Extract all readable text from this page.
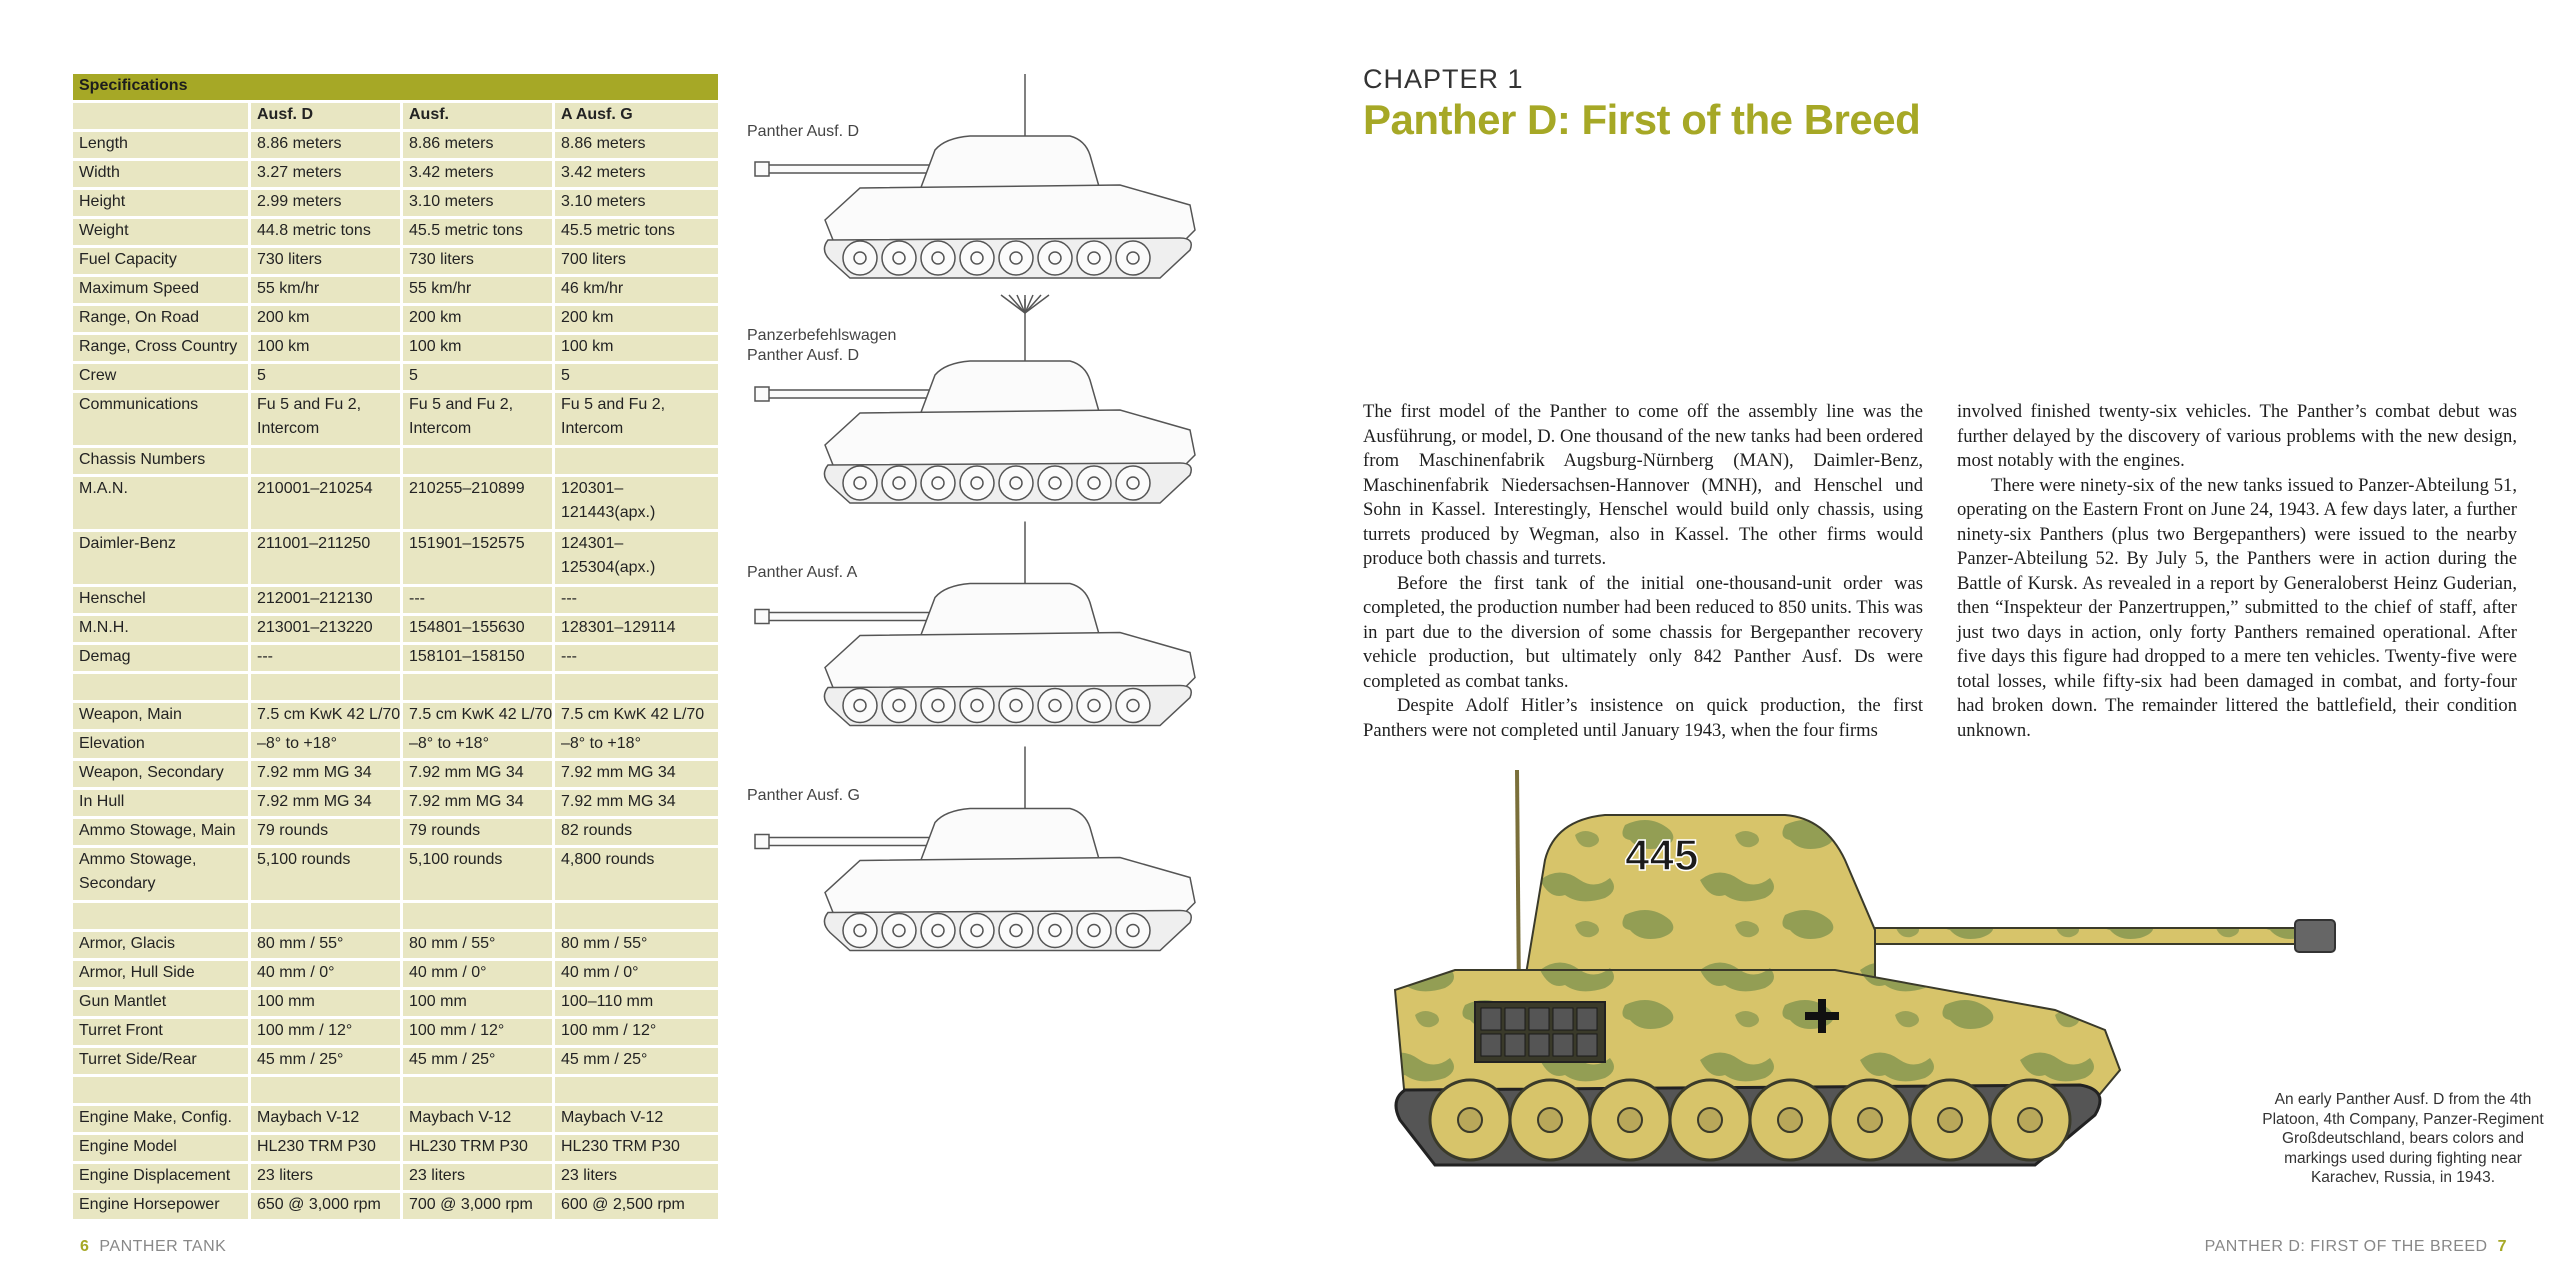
Specifications			
	Ausf. D	Ausf.	A Ausf. G
Length	8.86 meters	8.86 meters	8.86 meters
Width	3.27 meters	3.42 meters	3.42 meters
Height	2.99 meters	3.10 meters	3.10 meters
Weight	44.8 metric tons	45.5 metric tons	45.5 metric tons
Fuel Capacity	730 liters	730 liters	700 liters
Maximum Speed	55 km/hr	55 km/hr	46 km/hr
Range, On Road	200 km	200 km	200 km
Range, Cross Country	100 km	100 km	100 km
Crew	5	5	5
Communications	Fu 5 and Fu 2, Intercom	Fu 5 and Fu 2, Intercom	Fu 5 and Fu 2, Intercom
Chassis Numbers			
M.A.N.	210001–210254	210255–210899	120301–121443(apx.)
Daimler-Benz	211001–211250	151901–152575	124301–125304(apx.)
Henschel	212001–212130	---	---
M.N.H.	213001–213220	154801–155630	128301–129114
Demag	---	158101–158150	---

Weapon, Main	7.5 cm KwK 42 L/70	7.5 cm KwK 42 L/70	7.5 cm KwK 42 L/70
Elevation	–8° to +18°	–8° to +18°	–8° to +18°
Weapon, Secondary	7.92 mm MG 34	7.92 mm MG 34	7.92 mm MG 34
In Hull	7.92 mm MG 34	7.92 mm MG 34	7.92 mm MG 34
Ammo Stowage, Main	79 rounds	79 rounds	82 rounds
Ammo Stowage, Secondary	5,100 rounds	5,100 rounds	4,800 rounds

Armor, Glacis	80 mm / 55°	80 mm / 55°	80 mm / 55°
Armor, Hull Side	40 mm / 0°	40 mm / 0°	40 mm / 0°
Gun Mantlet	100 mm	100 mm	100–110 mm
Turret Front	100 mm / 12°	100 mm / 12°	100 mm / 12°
Turret Side/Rear	45 mm / 25°	45 mm / 25°	45 mm / 25°

Engine Make, Config.	Maybach V-12	Maybach V-12	Maybach V-12
Engine Model	HL230 TRM P30	HL230 TRM P30	HL230 TRM P30
Engine Displacement	23 liters	23 liters	23 liters
Engine Horsepower	650 @ 3,000 rpm	700 @ 3,000 rpm	600 @ 2,500 rpm
Panther Ausf. D
Panzerbefehlswagen
Panther Ausf. D
Panther Ausf. A
Panther Ausf. G
6 PANTHER TANK
CHAPTER 1
Panther D: First of the Breed

The first model of the Panther to come off the assembly line was the Ausführung, or model, D. One thousand of the new tanks had been ordered from Maschinenfabrik Augsburg-Nürnberg (MAN), Daimler-Benz, Maschinenfabrik Niedersachsen-Hannover (MNH), and Henschel und Sohn in Kassel. Interestingly, Henschel would build only chassis, using turrets produced by Wegman, also in Kassel. The other firms would produce both chassis and turrets.

Before the first tank of the initial one-thousand-unit order was completed, the production number had been reduced to 850 units. This was in part due to the diversion of some chassis for Bergepanther recovery vehicle production, but ultimately only 842 Panther Ausf. Ds were completed as combat tanks.

Despite Adolf Hitler’s insistence on quick production, the first Panthers were not completed until January 1943, when the four firms

involved finished twenty-six vehicles. The Panther’s combat debut was further delayed by the discovery of various problems with the new design, most notably with the engines.

There were ninety-six of the new tanks issued to Panzer-Abteilung 51, operating on the Eastern Front on June 24, 1943. A few days later, a further ninety-six Panthers (plus two Bergepanthers) were issued to the nearby Panzer-Abteilung 52. By July 5, the Panthers were in action during the Battle of Kursk. As revealed in a report by Generaloberst Heinz Guderian, then “Inspekteur der Panzertruppen,” submitted to the chief of staff, after just two days in action, only forty Panthers remained operational. After five days this figure had dropped to a mere ten vehicles. Twenty-five were total losses, while fifty-six had been damaged in combat, and forty-four had broken down. The remainder littered the battlefield, their condition unknown.

445
An early Panther Ausf. D from the 4th Platoon, 4th Company, Panzer-Regiment Großdeutschland, bears colors and markings used during fighting near Karachev, Russia, in 1943.
PANTHER D: FIRST OF THE BREED 7
